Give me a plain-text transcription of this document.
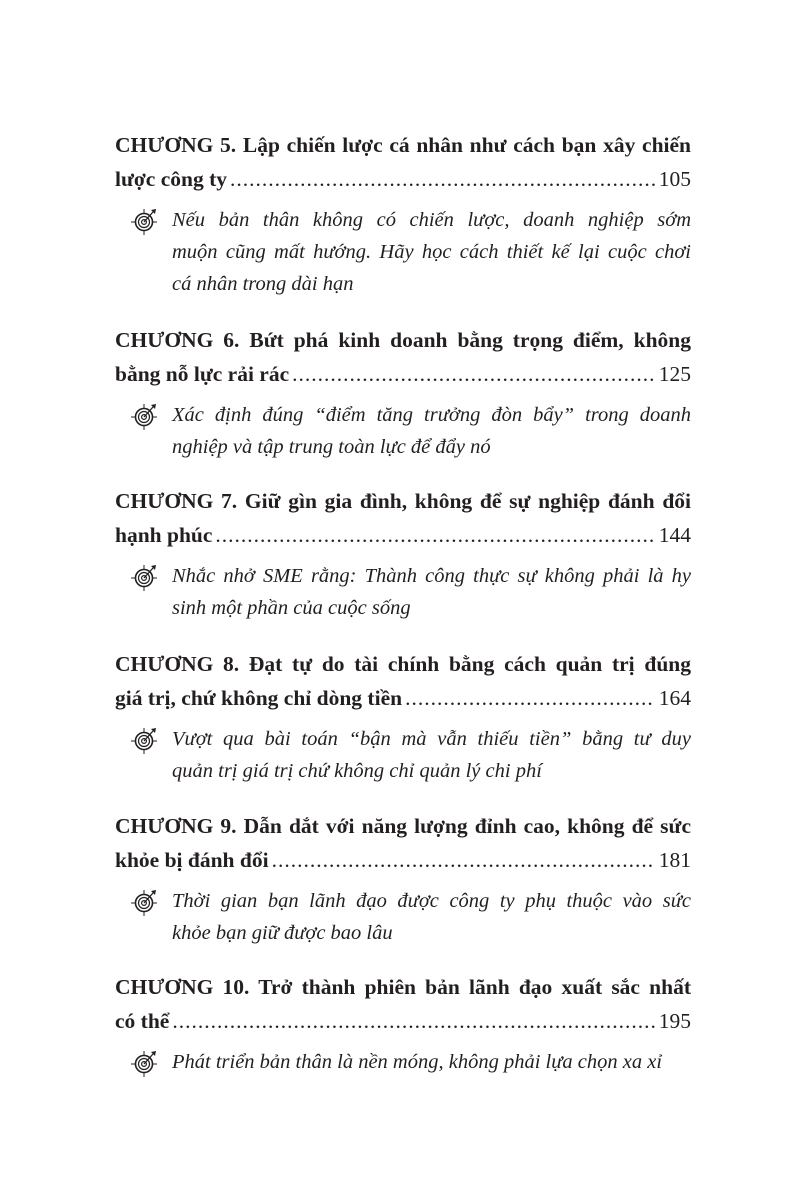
CHƯƠNG 5. Lập chiến lược cá nhân như cách bạn xây chiến
lược công ty .....	105
Nếu bản thân không có chiến lược, doanh nghiệp sớm
muộn cũng mất hướng. Hãy học cách thiết kế lại cuộc chơi
cá nhân trong dài hạn
CHƯƠNG 6. Bứt phá kinh doanh bằng trọng điểm, không
bằng nỗ lực rải rác .....	125
Xác định đúng “điểm tăng trưởng đòn bẩy” trong doanh
nghiệp và tập trung toàn lực để đẩy nó
CHƯƠNG 7. Giữ gìn gia đình, không để sự nghiệp đánh đổi
hạnh phúc .....	144
Nhắc nhở SME rằng: Thành công thực sự không phải là hy
sinh một phần của cuộc sống
CHƯƠNG 8. Đạt tự do tài chính bằng cách quản trị đúng
giá trị, chứ không chỉ dòng tiền .....	164
Vượt qua bài toán “bận mà vẫn thiếu tiền” bằng tư duy
quản trị giá trị chứ không chỉ quản lý chi phí
CHƯƠNG 9. Dẫn dắt với năng lượng đỉnh cao, không để sức
khỏe bị đánh đổi .....	181
Thời gian bạn lãnh đạo được công ty phụ thuộc vào sức
khỏe bạn giữ được bao lâu
CHƯƠNG 10. Trở thành phiên bản lãnh đạo xuất sắc nhất
có thể .....	195
Phát triển bản thân là nền móng, không phải lựa chọn xa xỉ
